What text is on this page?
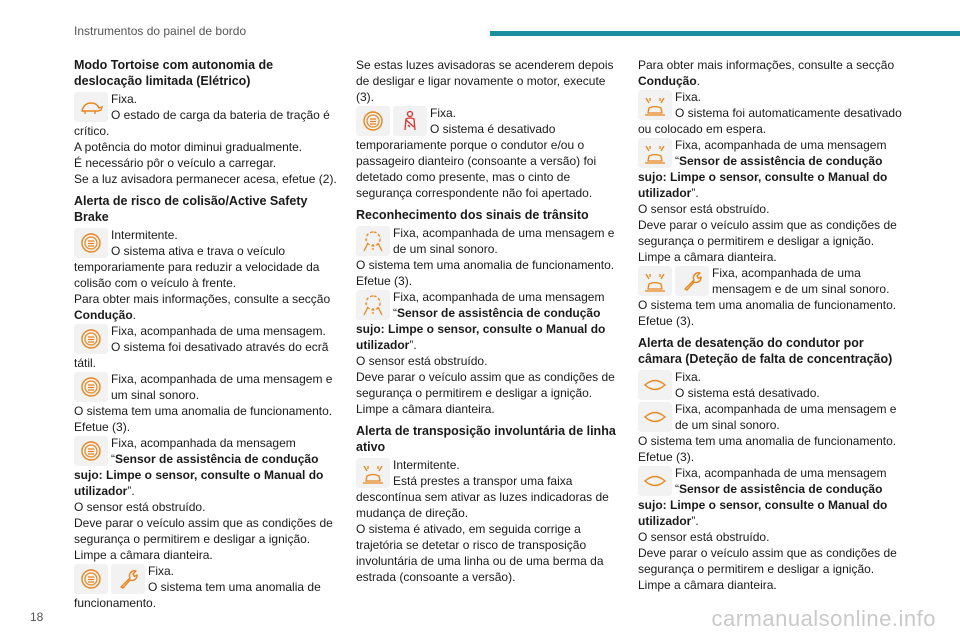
Instrumentos do painel de bordo
Modo Tortoise com autonomia de deslocação limitada (Elétrico)

Fixa.

O estado de carga da bateria de tração é crítico.

A potência do motor diminui gradualmente.

É necessário pôr o veículo a carregar.

Se a luz avisadora permanecer acesa, efetue (2).

Alerta de risco de colisão/Active Safety Brake

Intermitente.

O sistema ativa e trava o veículo temporariamente para reduzir a velocidade da colisão com o veículo à frente.

Para obter mais informações, consulte a secção Condução.

Fixa, acompanhada de uma mensagem.

O sistema foi desativado através do ecrã tátil.

Fixa, acompanhada de uma mensagem e um sinal sonoro.

O sistema tem uma anomalia de funcionamento. Efetue (3).

Fixa, acompanhada da mensagem “Sensor de assistência de condução sujo: Limpe o sensor, consulte o Manual do utilizador”.

O sensor está obstruído.

Deve parar o veículo assim que as condições de segurança o permitirem e desligar a ignição.

Limpe a câmara dianteira.

Fixa.

O sistema tem uma anomalia de funcionamento.

Se estas luzes avisadoras se acenderem depois de desligar e ligar novamente o motor, execute (3).

Fixa.

O sistema é desativado temporariamente porque o condutor e/ou o passageiro dianteiro (consoante a versão) foi detetado como presente, mas o cinto de segurança correspondente não foi apertado.

Reconhecimento dos sinais de trânsito

Fixa, acompanhada de uma mensagem e de um sinal sonoro.

O sistema tem uma anomalia de funcionamento. Efetue (3).

Fixa, acompanhada de uma mensagem “Sensor de assistência de condução sujo: Limpe o sensor, consulte o Manual do utilizador”.

O sensor está obstruído.

Deve parar o veículo assim que as condições de segurança o permitirem e desligar a ignição.

Limpe a câmara dianteira.

Alerta de transposição involuntária de linha ativo

Intermitente.

Está prestes a transpor uma faixa descontínua sem ativar as luzes indicadoras de mudança de direção.

O sistema é ativado, em seguida corrige a trajetória se detetar o risco de transposição involuntária de uma linha ou de uma berma da estrada (consoante a versão).

Para obter mais informações, consulte a secção Condução.

Fixa.

O sistema foi automaticamente desativado ou colocado em espera.

Fixa, acompanhada de uma mensagem “Sensor de assistência de condução sujo: Limpe o sensor, consulte o Manual do utilizador”.

O sensor está obstruído.

Deve parar o veículo assim que as condições de segurança o permitirem e desligar a ignição.

Limpe a câmara dianteira.

Fixa, acompanhada de uma mensagem e de um sinal sonoro.

O sistema tem uma anomalia de funcionamento. Efetue (3).

Alerta de desatenção do condutor por câmara (Deteção de falta de concentração)

Fixa.

O sistema está desativado.

Fixa, acompanhada de uma mensagem e de um sinal sonoro.

O sistema tem uma anomalia de funcionamento. Efetue (3).

Fixa, acompanhada de uma mensagem “Sensor de assistência de condução sujo: Limpe o sensor, consulte o Manual do utilizador”.

O sensor está obstruído.

Deve parar o veículo assim que as condições de segurança o permitirem e desligar a ignição.

Limpe a câmara dianteira.

18	carmanualsonline.info
